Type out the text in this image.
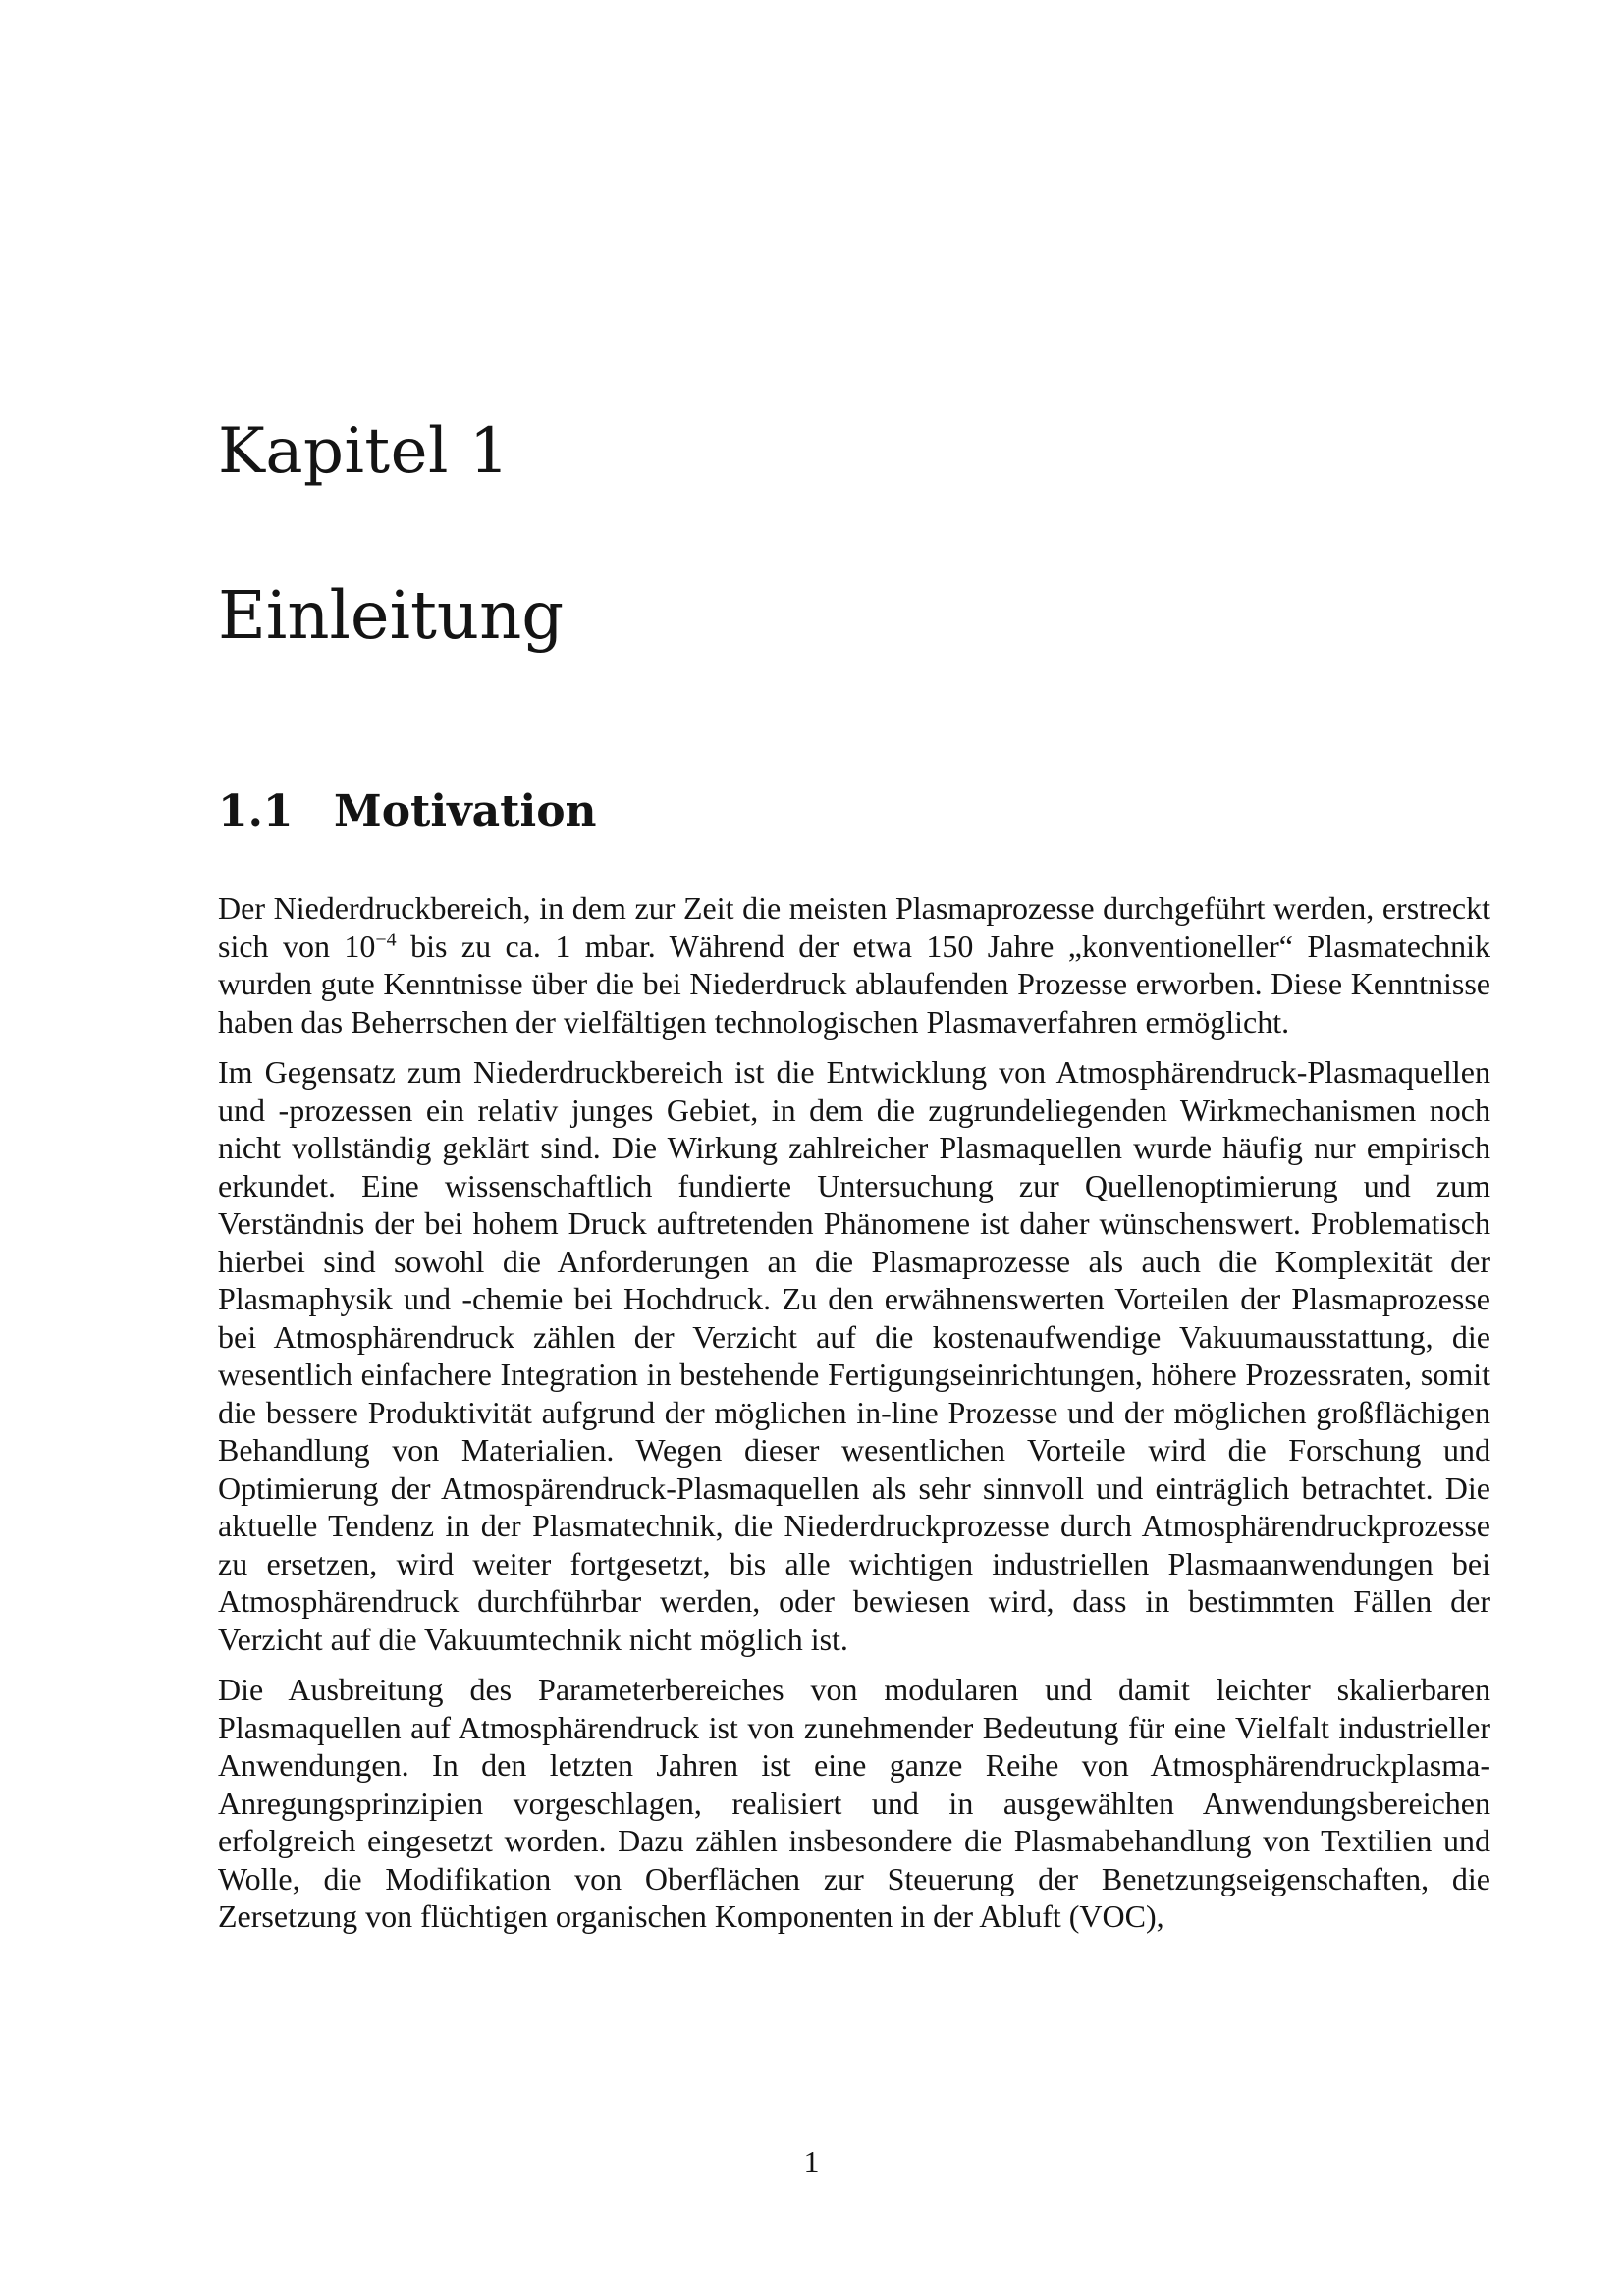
Kapitel 1
Einleitung
1.1 Motivation

Der Niederdruckbereich, in dem zur Zeit die meisten Plasmaprozesse durchgeführt werden, erstreckt sich von $10^{-4}$ bis zu ca. 1 mbar. Während der etwa 150 Jahre „konventioneller“ Plasmatechnik wurden gute Kenntnisse über die bei Niederdruck ablaufenden Prozesse erworben. Diese Kenntnisse haben das Beherrschen der vielfältigen technologischen Plasmaverfahren ermöglicht.

Im Gegensatz zum Niederdruckbereich ist die Entwicklung von Atmosphärendruck-Plasmaquellen und -prozessen ein relativ junges Gebiet, in dem die zugrundeliegenden Wirkmechanismen noch nicht vollständig geklärt sind. Die Wirkung zahlreicher Plasmaquellen wurde häufig nur empirisch erkundet. Eine wissenschaftlich fundierte Untersuchung zur Quellenoptimierung und zum Verständnis der bei hohem Druck auftretenden Phänomene ist daher wünschenswert. Problematisch hierbei sind sowohl die Anforderungen an die Plasmaprozesse als auch die Komplexität der Plasmaphysik und -chemie bei Hochdruck. Zu den erwähnenswerten Vorteilen der Plasmaprozesse bei Atmosphärendruck zählen der Verzicht auf die kostenaufwendige Vakuumausstattung, die wesentlich einfachere Integration in bestehende Fertigungseinrichtungen, höhere Prozessraten, somit die bessere Produktivität aufgrund der möglichen in-line Prozesse und der möglichen großflächigen Behandlung von Materialien. Wegen dieser wesentlichen Vorteile wird die Forschung und Optimierung der Atmospärendruck-Plasmaquellen als sehr sinnvoll und einträglich betrachtet. Die aktuelle Tendenz in der Plasmatechnik, die Niederdruckprozesse durch Atmosphärendruckprozesse zu ersetzen, wird weiter fortgesetzt, bis alle wichtigen industriellen Plasmaanwendungen bei Atmosphärendruck durchführbar werden, oder bewiesen wird, dass in bestimmten Fällen der Verzicht auf die Vakuumtechnik nicht möglich ist.

Die Ausbreitung des Parameterbereiches von modularen und damit leichter skalierbaren Plasmaquellen auf Atmosphärendruck ist von zunehmender Bedeutung für eine Vielfalt industrieller Anwendungen. In den letzten Jahren ist eine ganze Reihe von Atmosphärendruckplasma-Anregungsprinzipien vorgeschlagen, realisiert und in ausgewählten Anwendungsbereichen erfolgreich eingesetzt worden. Dazu zählen insbesondere die Plasmabehandlung von Textilien und Wolle, die Modifikation von Oberflächen zur Steuerung der Benetzungseigenschaften, die Zersetzung von flüchtigen organischen Komponenten in der Abluft (VOC),

1
